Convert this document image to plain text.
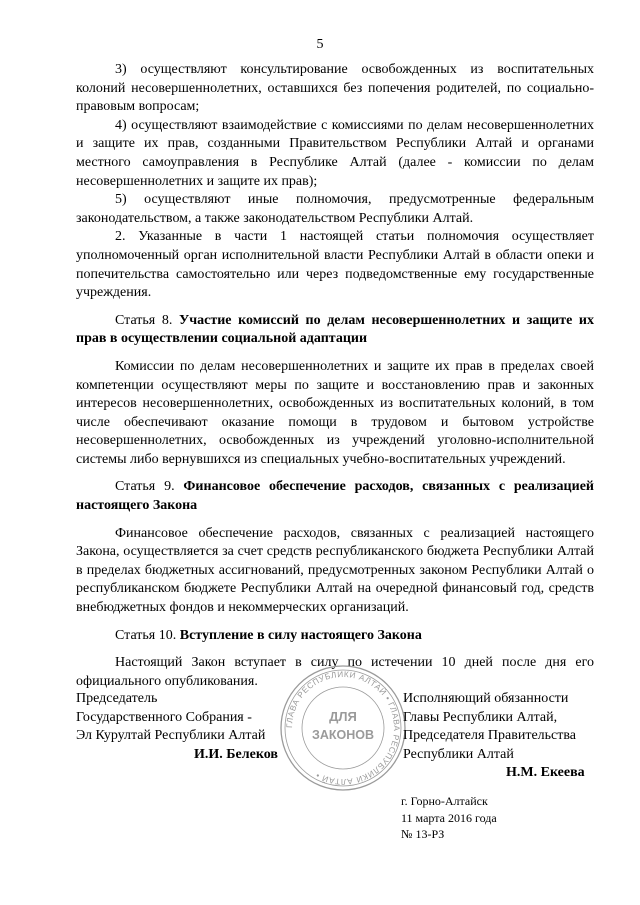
5

3) осуществляют консультирование освобожденных из воспитательных колоний несовершеннолетних, оставшихся без попечения родителей, по социально-правовым вопросам;

4) осуществляют взаимодействие с комиссиями по делам несовершеннолетних и защите их прав, созданными Правительством Республики Алтай и органами местного самоуправления в Республике Алтай (далее - комиссии по делам несовершеннолетних и защите их прав);

5) осуществляют иные полномочия, предусмотренные федеральным законодательством, а также законодательством Республики Алтай.

2. Указанные в части 1 настоящей статьи полномочия осуществляет уполномоченный орган исполнительной власти Республики Алтай в области опеки и попечительства самостоятельно или через подведомственные ему государственные учреждения.

Статья 8. Участие комиссий по делам несовершеннолетних и защите их прав в осуществлении социальной адаптации

Комиссии по делам несовершеннолетних и защите их прав в пределах своей компетенции осуществляют меры по защите и восстановлению прав и законных интересов несовершеннолетних, освобожденных из воспитательных колоний, в том числе обеспечивают оказание помощи в трудовом и бытовом устройстве несовершеннолетних, освобожденных из учреждений уголовно-исполнительной системы либо вернувшихся из специальных учебно-воспитательных учреждений.

Статья 9. Финансовое обеспечение расходов, связанных с реализацией настоящего Закона

Финансовое обеспечение расходов, связанных с реализацией настоящего Закона, осуществляется за счет средств республиканского бюджета Республики Алтай в пределах бюджетных ассигнований, предусмотренных законом Республики Алтай о республиканском бюджете Республики Алтай на очередной финансовый год, средств внебюджетных фондов и некоммерческих организаций.

Статья 10. Вступление в силу настоящего Закона

Настоящий Закон вступает в силу по истечении 10 дней после дня его официального опубликования.

Председатель
Государственного Собрания -
Эл Курултай Республики Алтай
И.И. Белеков
ГЛАВА РЕСПУБЛИКИ АЛТАЙ • ГЛАВА РЕСПУБЛИКИ АЛТАЙ •
ДЛЯ
ЗАКОНОВ
Исполняющий обязанности
Главы Республики Алтай,
Председателя Правительства
Республики Алтай
Н.М. Екеева
г. Горно-Алтайск
11 марта 2016 года
№ 13-РЗ
